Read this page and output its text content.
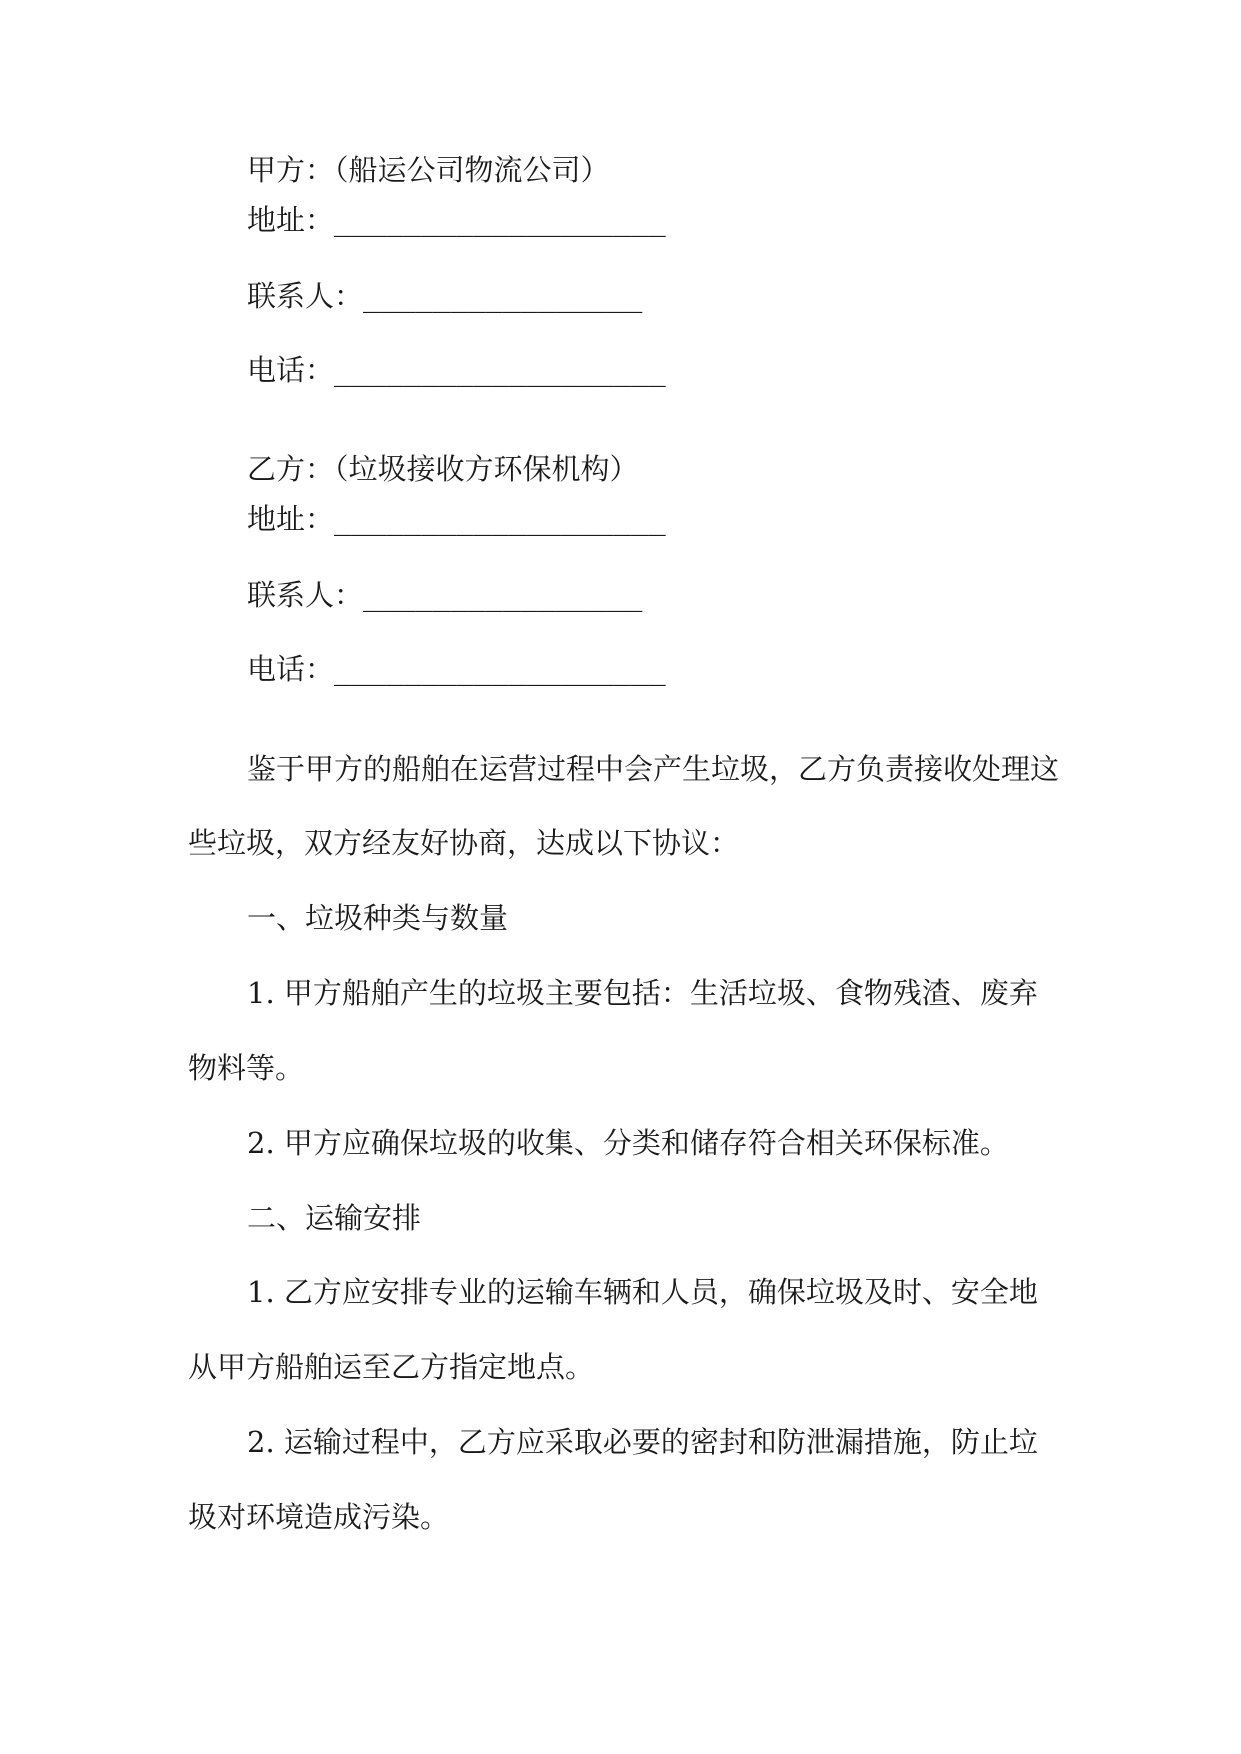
甲方：（船运公司物流公司）
地址：___________________
联系人：________________
电话：___________________
乙方：（垃圾接收方环保机构）
地址：___________________
联系人：________________
电话：___________________
鉴于甲方的船舶在运营过程中会产生垃圾，乙方负责接收处理这
些垃圾，双方经友好协商，达成以下协议：
一、垃圾种类与数量
1. 甲方船舶产生的垃圾主要包括：生活垃圾、食物残渣、废弃
物料等。
2. 甲方应确保垃圾的收集、分类和储存符合相关环保标准。
二、运输安排
1. 乙方应安排专业的运输车辆和人员，确保垃圾及时、安全地
从甲方船舶运至乙方指定地点。
2. 运输过程中，乙方应采取必要的密封和防泄漏措施，防止垃
圾对环境造成污染。
